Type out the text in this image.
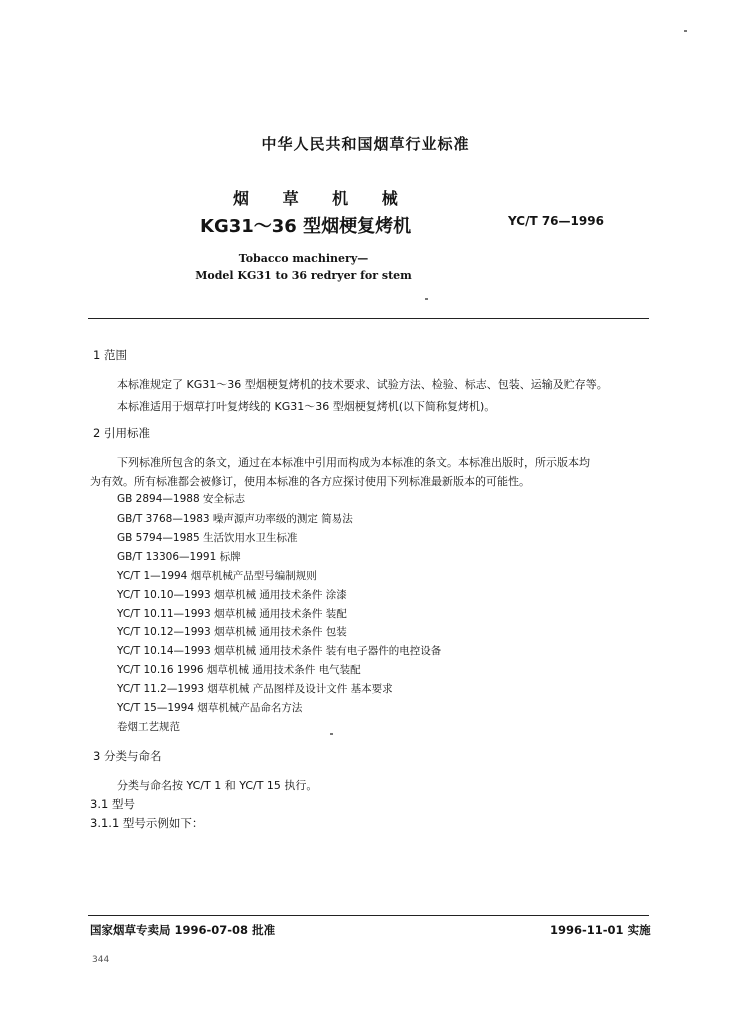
中华人民共和国烟草行业标准
烟 草 机 械
KG31～36 型烟梗复烤机	YC/T 76—1996
Tobacco machinery—
Model KG31 to 36 redryer for stem
1 范围
本标准规定了 KG31～36 型烟梗复烤机的技术要求、试验方法、检验、标志、包装、运输及贮存等。
本标准适用于烟草打叶复烤线的 KG31～36 型烟梗复烤机(以下简称复烤机)。
2 引用标准
下列标准所包含的条文，通过在本标准中引用而构成为本标准的条文。本标准出版时，所示版本均
为有效。所有标准都会被修订，使用本标准的各方应探讨使用下列标准最新版本的可能性。
GB 2894—1988 安全标志
GB/T 3768—1983 噪声源声功率级的测定 简易法
GB 5794—1985 生活饮用水卫生标准
GB/T 13306—1991 标牌
YC/T 1—1994 烟草机械产品型号编制规则
YC/T 10.10—1993 烟草机械 通用技术条件 涂漆
YC/T 10.11—1993 烟草机械 通用技术条件 装配
YC/T 10.12—1993 烟草机械 通用技术条件 包装
YC/T 10.14—1993 烟草机械 通用技术条件 装有电子器件的电控设备
YC/T 10.16 1996 烟草机械 通用技术条件 电气装配
YC/T 11.2—1993 烟草机械 产品图样及设计文件 基本要求
YC/T 15—1994 烟草机械产品命名方法
卷烟工艺规范
3 分类与命名
分类与命名按 YC/T 1 和 YC/T 15 执行。
3.1 型号
3.1.1 型号示例如下：
国家烟草专卖局 1996-07-08 批准	1996-11-01 实施
344
